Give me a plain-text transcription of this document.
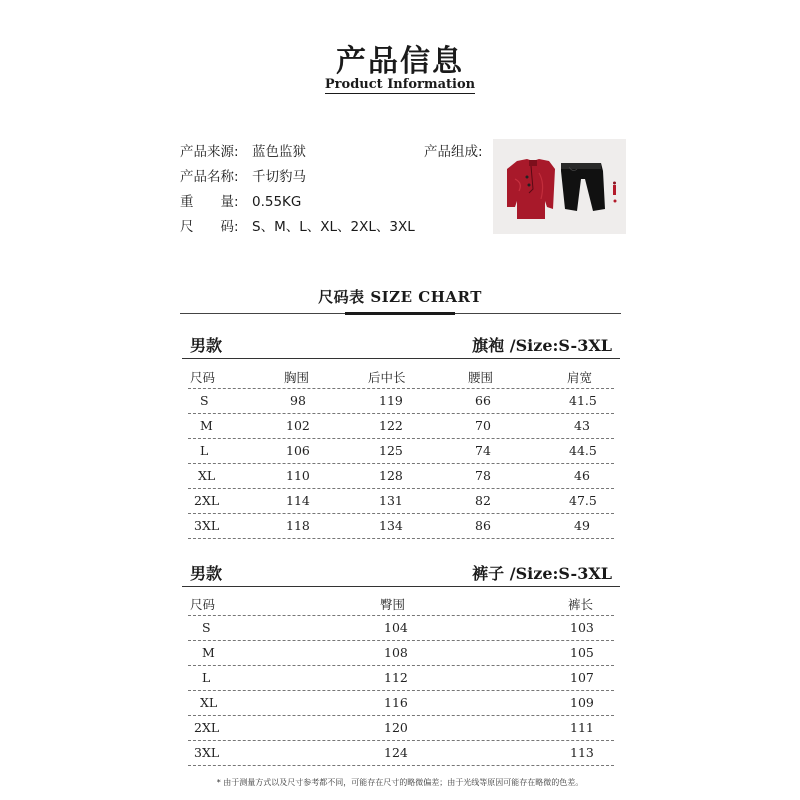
产品信息
Product Information
产品来源: 蓝色监狱
产品名称: 千切豹马
重　　量: 0.55KG
尺　　码: S、M、L、XL、2XL、3XL
产品组成:
尺码表 SIZE CHART
男款	旗袍 /Size:S-3XL
尺码	胸围	后中长	腰围	肩宽
S	98	119	66	41.5
M	102	122	70	43
L	106	125	74	44.5
XL	110	128	78	46
2XL	114	131	82	47.5
3XL	118	134	86	49
男款	裤子 /Size:S-3XL
尺码	臀围	裤长
S	104	103
M	108	105
L	112	107
XL	116	109
2XL	120	111
3XL	124	113
* 由于测量方式以及尺寸参考都不同，可能存在尺寸的略微偏差；由于光线等原因可能存在略微的色差。
